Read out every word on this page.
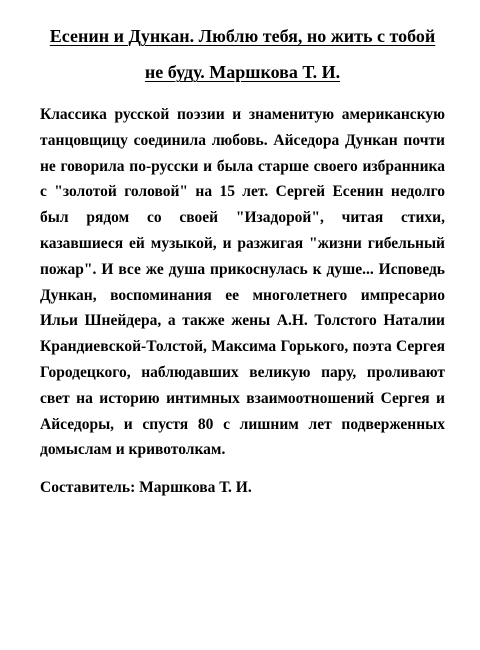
Есенин и Дункан. Люблю тебя, но жить с тобой не буду. Маршкова Т. И.

Классика русской поэзии и знаменитую американскую танцовщицу соединила любовь. Айседора Дункан почти не говорила по-русски и была старше своего избранника с "золотой головой" на 15 лет. Сергей Есенин недолго был рядом со своей "Изадорой", читая стихи, казавшиеся ей музыкой, и разжигая "жизни гибельный пожар". И все же душа прикоснулась к душе... Исповедь Дункан, воспоминания ее многолетнего импресарио Ильи Шнейдера, а также жены А.Н. Толстого Наталии Крандиевской-Толстой, Максима Горького, поэта Сергея Городецкого, наблюдавших великую пару, проливают свет на историю интимных взаимоотношений Сергея и Айседоры, и спустя 80 с лишним лет подверженных домыслам и кривотолкам.

Составитель: Маршкова Т. И.
